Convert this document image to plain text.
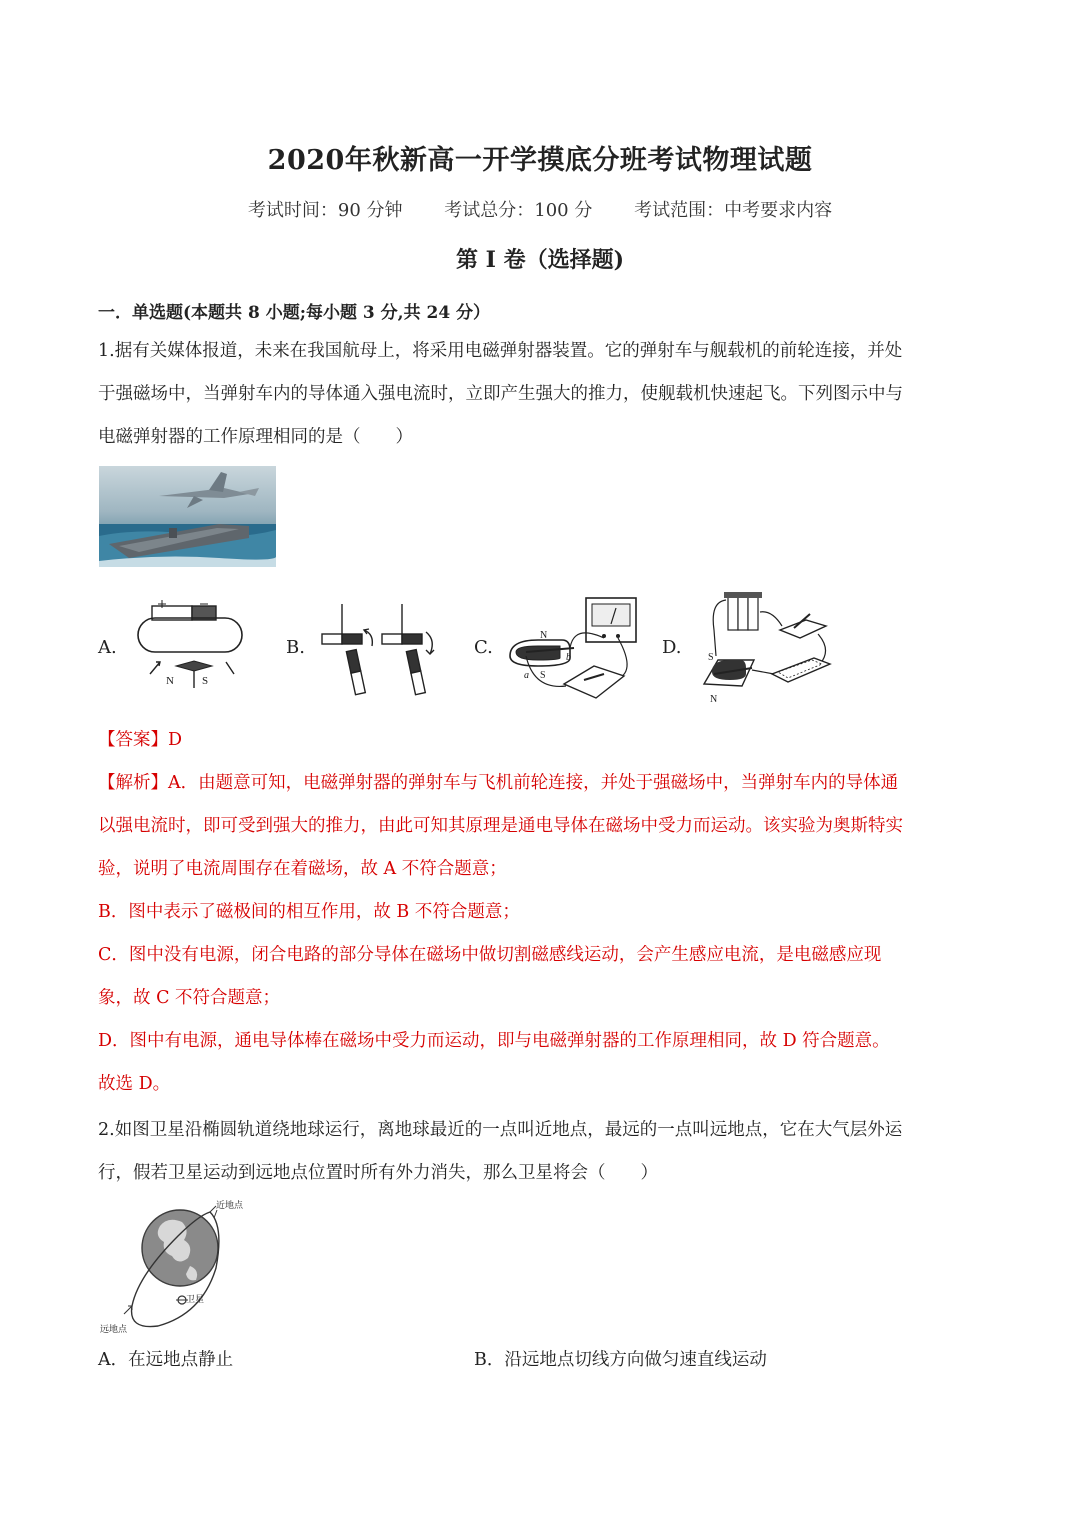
2020年秋新高一开学摸底分班考试物理试题
考试时间：90 分钟 考试总分：100 分 考试范围：中考要求内容
第 I 卷（选择题)
一．单选题(本题共 8 小题;每小题 3 分,共 24 分）
1.据有关媒体报道，未来在我国航母上，将采用电磁弹射器装置。它的弹射车与舰载机的前轮连接，并处
于强磁场中，当弹射车内的导体通入强电流时，立即产生强大的推力，使舰载机快速起飞。下列图示中与
电磁弹射器的工作原理相同的是（　　）
A.
N	S
B.	C.
N
S
a
b	D.	S
N
【答案】D
【解析】A．由题意可知，电磁弹射器的弹射车与飞机前轮连接，并处于强磁场中，当弹射车内的导体通
以强电流时，即可受到强大的推力，由此可知其原理是通电导体在磁场中受力而运动。该实验为奥斯特实
验，说明了电流周围存在着磁场，故 A 不符合题意；
B．图中表示了磁极间的相互作用，故 B 不符合题意；
C．图中没有电源，闭合电路的部分导体在磁场中做切割磁感线运动，会产生感应电流，是电磁感应现
象，故 C 不符合题意；
D．图中有电源，通电导体棒在磁场中受力而运动，即与电磁弹射器的工作原理相同，故 D 符合题意。
故选 D。
2.如图卫星沿椭圆轨道绕地球运行，离地球最近的一点叫近地点，最远的一点叫远地点，它在大气层外运
行，假若卫星运动到远地点位置时所有外力消失，那么卫星将会（　　）
近地点
卫星
远地点
A．在远地点静止	B．沿远地点切线方向做匀速直线运动
